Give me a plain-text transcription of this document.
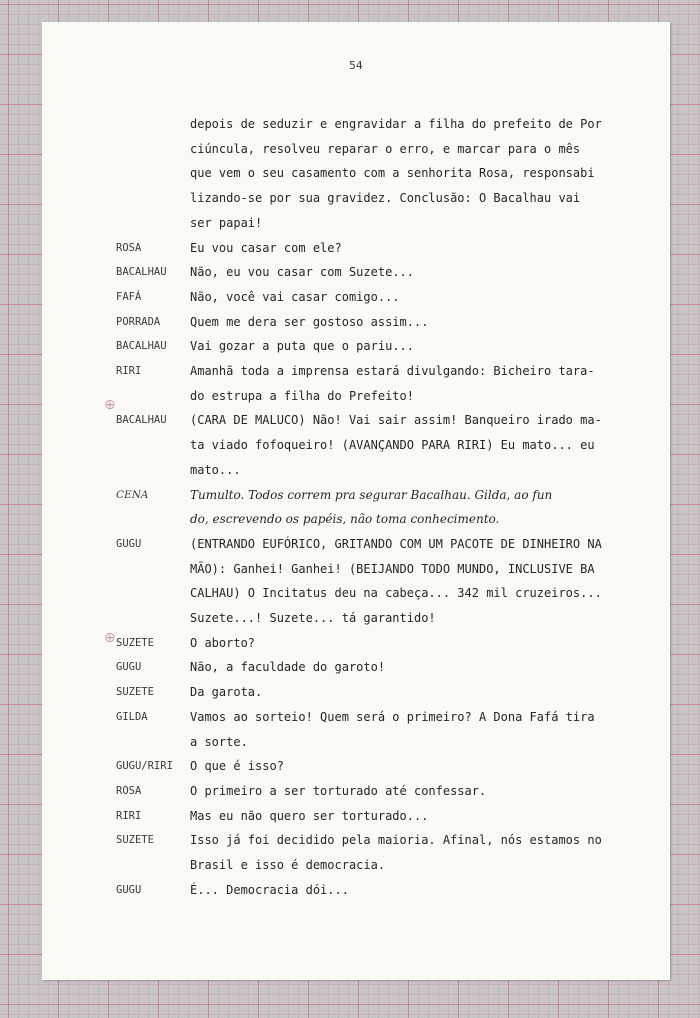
54
⊕
⊕
depois de seduzir e engravidar a filha do prefeito de Por
ciúncula, resolveu reparar o erro, e marcar para o mês
que vem o seu casamento com a senhorita Rosa, responsabi
lizando-se por sua gravidez. Conclusão: O Bacalhau vai
ser papai!
ROSA	Eu vou casar com ele?
BACALHAU	Não, eu vou casar com Suzete...
FAFÁ	Não, você vai casar comigo...
PORRADA	Quem me dera ser gostoso assim...
BACALHAU	Vai gozar a puta que o pariu...
RIRI	Amanhã toda a imprensa estará divulgando: Bicheiro tara-
do estrupa a filha do Prefeito!
BACALHAU	(CARA DE MALUCO) Não! Vai sair assim! Banqueiro irado ma-
ta viado fofoqueiro! (AVANÇANDO PARA RIRI) Eu mato... eu
mato...
CENA	Tumulto. Todos correm pra segurar Bacalhau. Gilda, ao fun
do, escrevendo os papéis, não toma conhecimento.
GUGU	(ENTRANDO EUFÓRICO, GRITANDO COM UM PACOTE DE DINHEIRO NA
MÃO): Ganhei! Ganhei! (BEIJANDO TODO MUNDO, INCLUSIVE BA
CALHAU) O Incitatus deu na cabeça... 342 mil cruzeiros...
Suzete...! Suzete... tá garantido!
SUZETE	O aborto?
GUGU	Não, a faculdade do garoto!
SUZETE	Da garota.
GILDA	Vamos ao sorteio! Quem será o primeiro? A Dona Fafá tira
a sorte.
GUGU/RIRI	O que é isso?
ROSA	O primeiro a ser torturado até confessar.
RIRI	Mas eu não quero ser torturado...
SUZETE	Isso já foi decidido pela maioria. Afinal, nós estamos no
Brasil e isso é democracia.
GUGU	É... Democracia dói...
